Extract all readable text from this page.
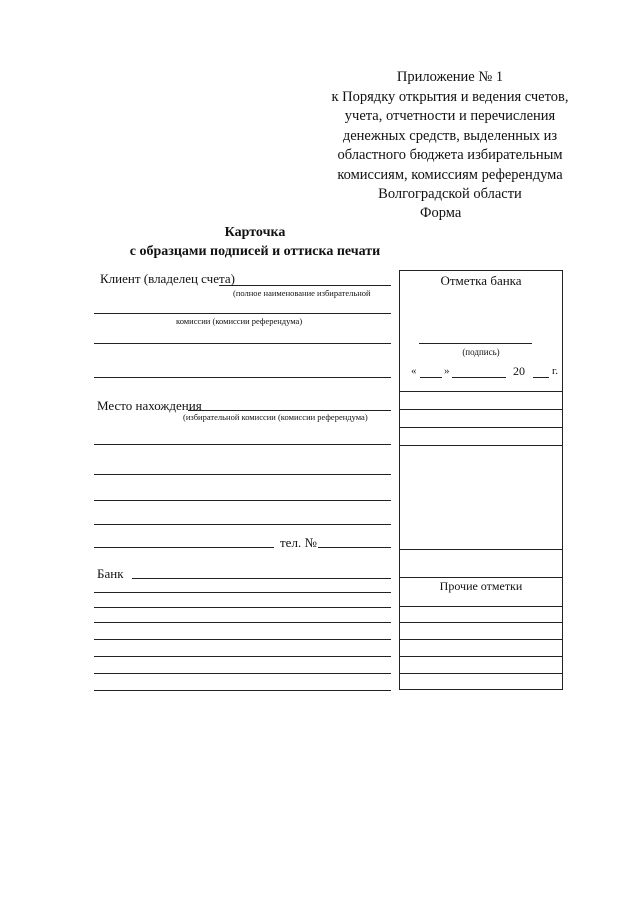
Приложение № 1
к Порядку открытия и ведения счетов,
учета, отчетности и перечисления
денежных средств, выделенных из
областного бюджета избирательным
комиссиям, комиссиям референдума
Волгоградской области
Форма
Карточка
с образцами подписей и оттиска печати
Клиент (владелец счета)
(полное наименование избирательной
комиссии (комиссии референдума)
Место нахождения
(избирательной комиссии (комиссии референдума)
тел. №
Банк
Отметка банка
(подпись)
«	»	20 г.
Прочие отметки
